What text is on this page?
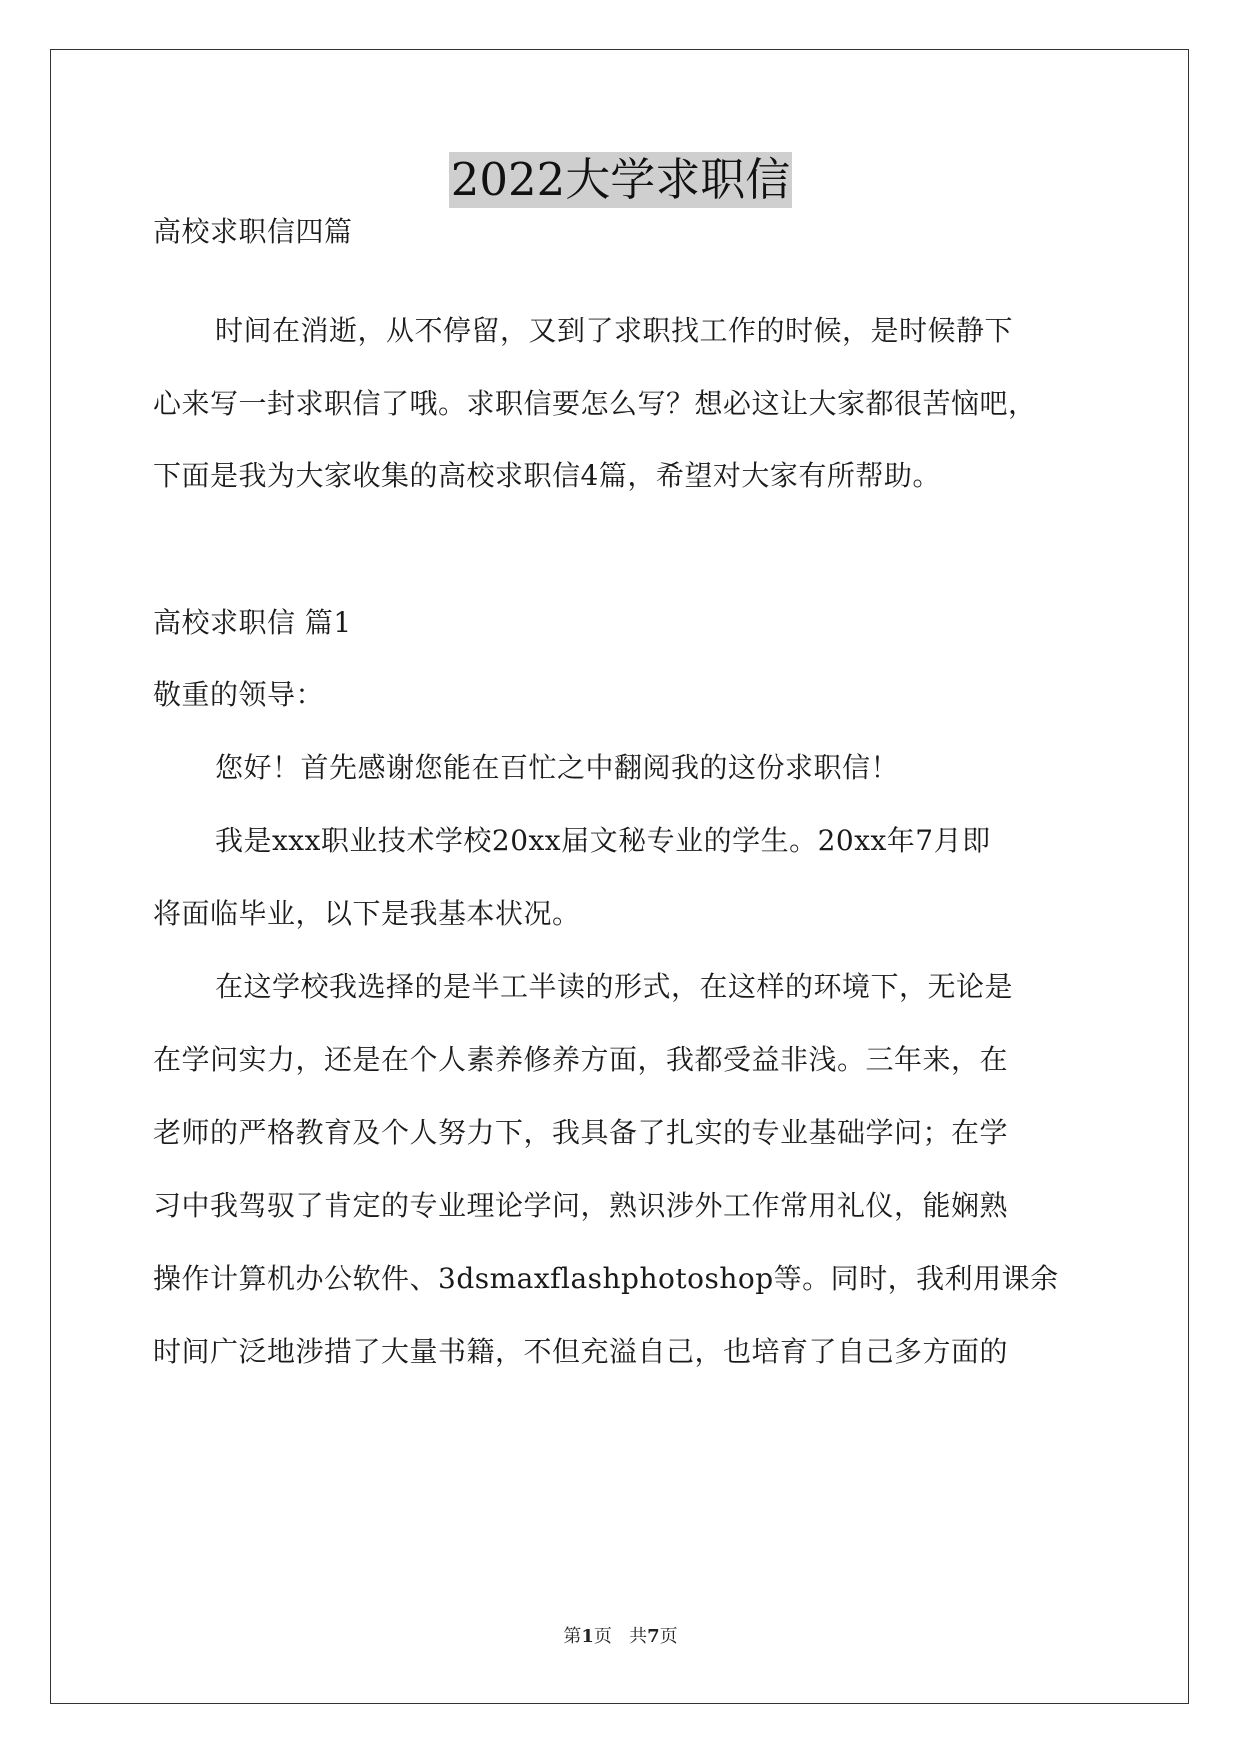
2022大学求职信
高校求职信四篇
时间在消逝，从不停留，又到了求职找工作的时候，是时候静下
心来写一封求职信了哦。求职信要怎么写？想必这让大家都很苦恼吧，
下面是我为大家收集的高校求职信4篇，希望对大家有所帮助。
高校求职信 篇1
敬重的领导：
您好！首先感谢您能在百忙之中翻阅我的这份求职信！
我是xxx职业技术学校20xx届文秘专业的学生。20xx年7月即
将面临毕业，以下是我基本状况。
在这学校我选择的是半工半读的形式，在这样的环境下，无论是
在学问实力，还是在个人素养修养方面，我都受益非浅。三年来，在
老师的严格教育及个人努力下，我具备了扎实的专业基础学问；在学
习中我驾驭了肯定的专业理论学问，熟识涉外工作常用礼仪，能娴熟
操作计算机办公软件、3dsmaxflashphotoshop等。同时，我利用课余
时间广泛地涉措了大量书籍，不但充溢自己，也培育了自己多方面的
第1页 共7页
